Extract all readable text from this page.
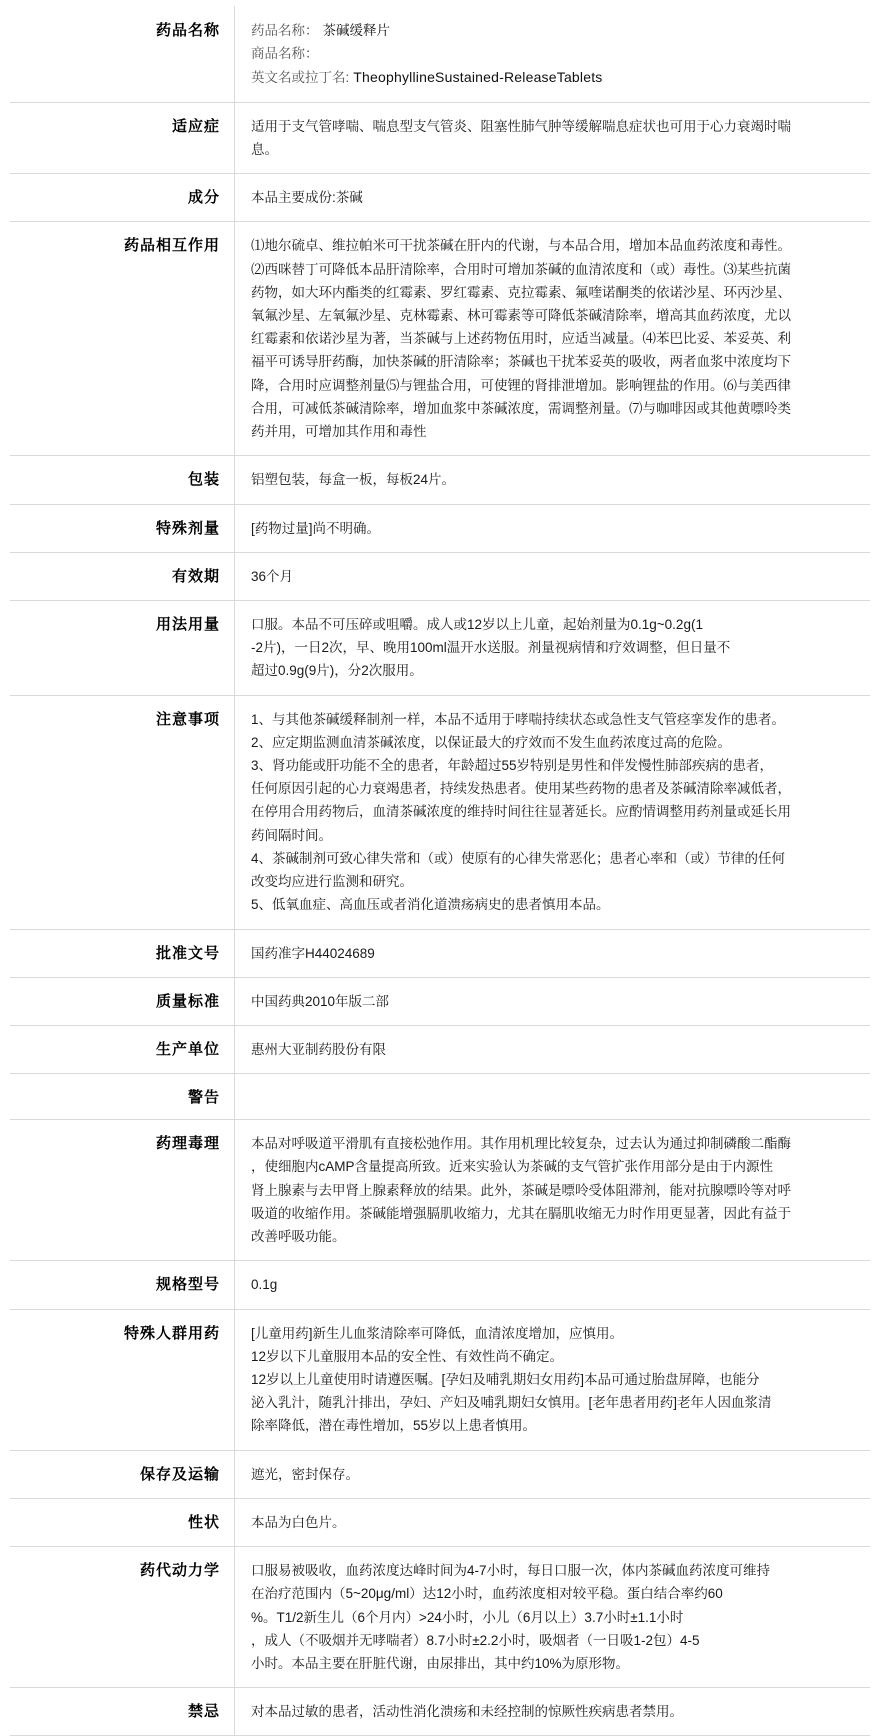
药品名称	药品名称： 茶碱缓释片
商品名称：
英文名或拉丁名: TheophyllineSustained-ReleaseTablets

适应症	适用于支气管哮喘、喘息型支气管炎、阻塞性肺气肿等缓解喘息症状也可用于心力衰竭时喘

息。

成分	本品主要成份:茶碱

药品相互作用	⑴地尔硫卓、维拉帕米可干扰茶碱在肝内的代谢，与本品合用，增加本品血药浓度和毒性。

⑵西咪替丁可降低本品肝清除率，合用时可增加茶碱的血清浓度和（或）毒性。⑶某些抗菌

药物，如大环内酯类的红霉素、罗红霉素、克拉霉素、氟喹诺酮类的依诺沙星、环丙沙星、

氧氟沙星、左氧氟沙星、克林霉素、林可霉素等可降低茶碱清除率，增高其血药浓度，尤以

红霉素和依诺沙星为著，当茶碱与上述药物伍用时，应适当减量。⑷苯巴比妥、苯妥英、利

福平可诱导肝药酶，加快茶碱的肝清除率；茶碱也干扰苯妥英的吸收，两者血浆中浓度均下

降，合用时应调整剂量⑸与锂盐合用，可使锂的肾排泄增加。影响锂盐的作用。⑹与美西律

合用，可减低茶碱清除率，增加血浆中茶碱浓度，需调整剂量。⑺与咖啡因或其他黄嘌呤类

药并用，可增加其作用和毒性

包装	铝塑包装，每盒一板，每板24片。

特殊剂量	[药物过量]尚不明确。

有效期	36个月

用法用量	口服。本品不可压碎或咀嚼。成人或12岁以上儿童，起始剂量为0.1g~0.2g(1

-2片)，一日2次，早、晚用100ml温开水送服。剂量视病情和疗效调整，但日量不

超过0.9g(9片)，分2次服用。

注意事项	1、与其他茶碱缓释制剂一样，本品不适用于哮喘持续状态或急性支气管痉挛发作的患者。

2、应定期监测血清茶碱浓度，以保证最大的疗效而不发生血药浓度过高的危险。

3、肾功能或肝功能不全的患者，年龄超过55岁特别是男性和伴发慢性肺部疾病的患者，

任何原因引起的心力衰竭患者，持续发热患者。使用某些药物的患者及茶碱清除率减低者，

在停用合用药物后，血清茶碱浓度的维持时间往往显著延长。应酌情调整用药剂量或延长用

药间隔时间。

4、茶碱制剂可致心律失常和（或）使原有的心律失常恶化；患者心率和（或）节律的任何

改变均应进行监测和研究。

5、低氧血症、高血压或者消化道溃疡病史的患者慎用本品。

批准文号	国药准字H44024689

质量标准	中国药典2010年版二部

生产单位	惠州大亚制药股份有限

警告	

药理毒理	本品对呼吸道平滑肌有直接松弛作用。其作用机理比较复杂，过去认为通过抑制磷酸二酯酶

，使细胞内cAMP含量提高所致。近来实验认为茶碱的支气管扩张作用部分是由于内源性

肾上腺素与去甲肾上腺素释放的结果。此外，茶碱是嘌呤受体阻滞剂，能对抗腺嘌呤等对呼

吸道的收缩作用。茶碱能增强膈肌收缩力，尤其在膈肌收缩无力时作用更显著，因此有益于

改善呼吸功能。

规格型号	0.1g

特殊人群用药	[儿童用药]新生儿血浆清除率可降低，血清浓度增加，应慎用。

12岁以下儿童服用本品的安全性、有效性尚不确定。

12岁以上儿童使用时请遵医嘱。[孕妇及哺乳期妇女用药]本品可通过胎盘屏障，也能分

泌入乳汁，随乳汁排出，孕妇、产妇及哺乳期妇女慎用。[老年患者用药]老年人因血浆清

除率降低，潜在毒性增加，55岁以上患者慎用。

保存及运输	遮光，密封保存。

性状	本品为白色片。

药代动力学	口服易被吸收，血药浓度达峰时间为4-7小时，每日口服一次，体内茶碱血药浓度可维持

在治疗范围内（5~20μg/ml）达12小时，血药浓度相对较平稳。蛋白结合率约60

%。T1/2新生儿（6个月内）>24小时，小儿（6月以上）3.7小时±1.1小时

，成人（不吸烟并无哮喘者）8.7小时±2.2小时，吸烟者（一日吸1-2包）4-5

小时。本品主要在肝脏代谢，由尿排出，其中约10%为原形物。

禁忌	对本品过敏的患者，活动性消化溃疡和未经控制的惊厥性疾病患者禁用。
